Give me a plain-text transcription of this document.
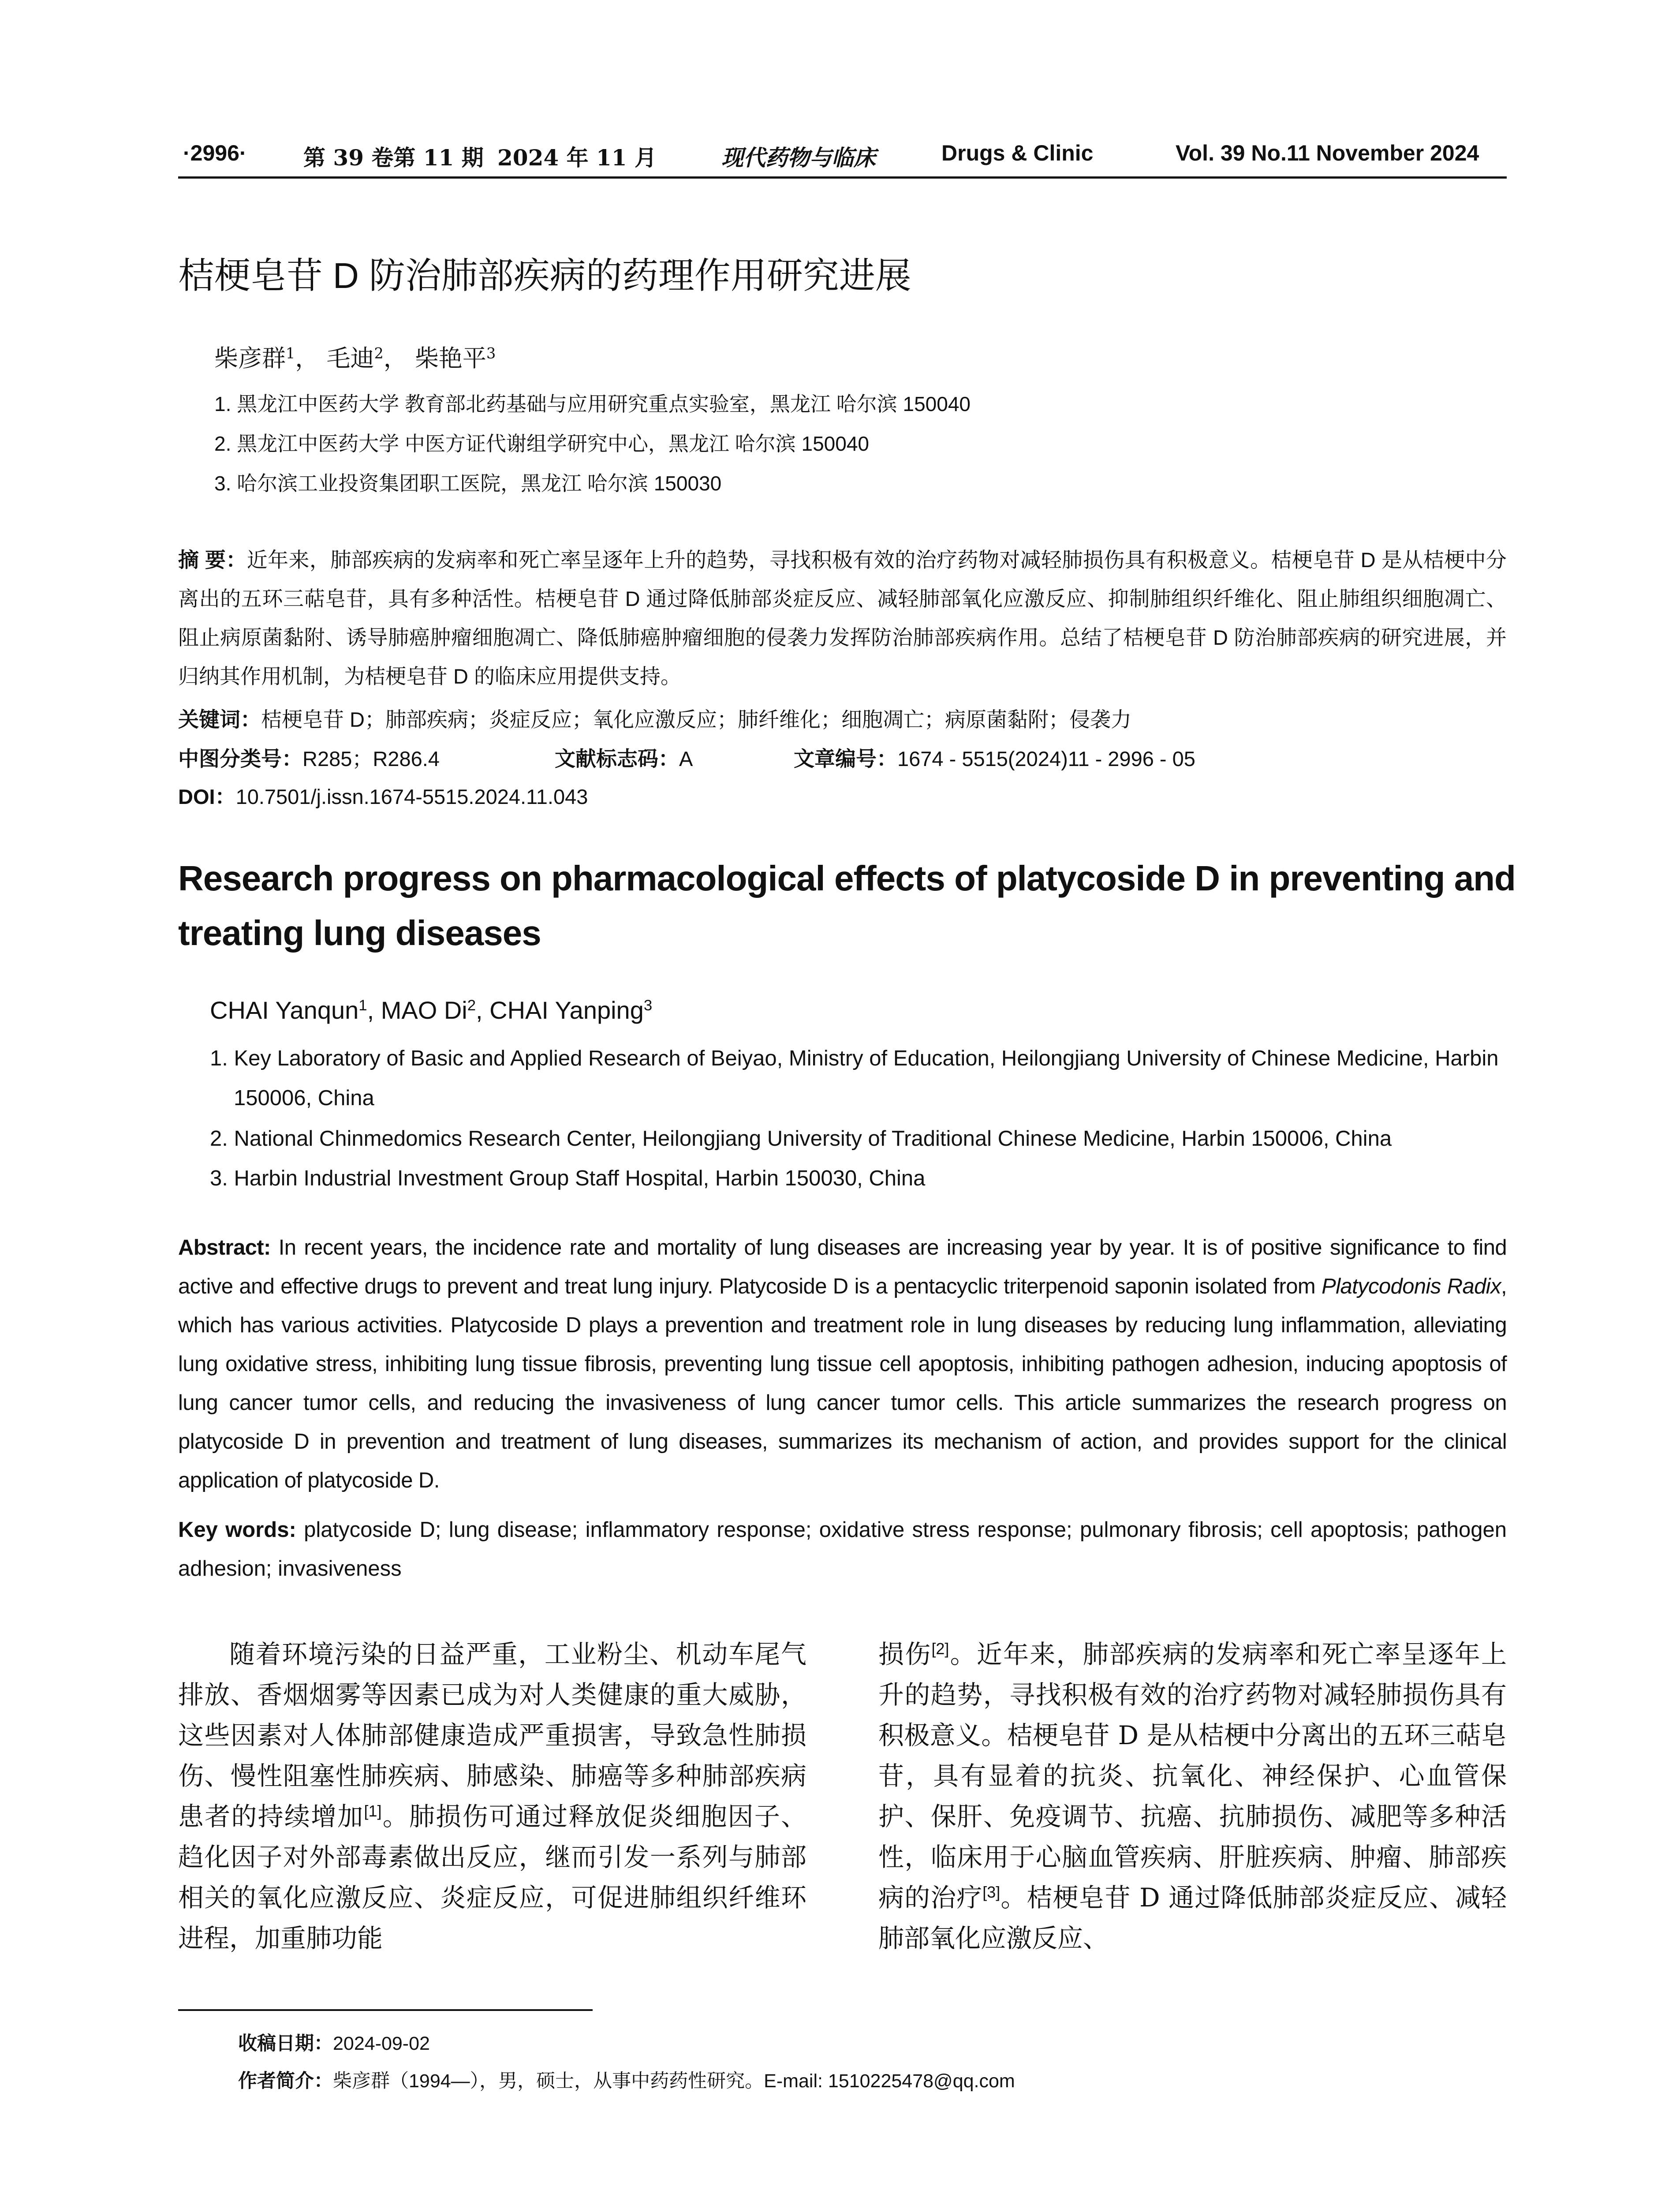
·2996·	第 39 卷第 11 期 2024 年 11 月	现代药物与临床	Drugs & Clinic	Vol. 39 No.11 November 2024
桔梗皂苷 D 防治肺部疾病的药理作用研究进展
柴彦群$^1$， 毛迪$^2$， 柴艳平$^3$
1. 黑龙江中医药大学 教育部北药基础与应用研究重点实验室，黑龙江 哈尔滨 150040
2. 黑龙江中医药大学 中医方证代谢组学研究中心，黑龙江 哈尔滨 150040
3. 哈尔滨工业投资集团职工医院，黑龙江 哈尔滨 150030
摘 要：近年来，肺部疾病的发病率和死亡率呈逐年上升的趋势，寻找积极有效的治疗药物对减轻肺损伤具有积极意义。桔梗皂苷 D 是从桔梗中分离出的五环三萜皂苷，具有多种活性。桔梗皂苷 D 通过降低肺部炎症反应、减轻肺部氧化应激反应、抑制肺组织纤维化、阻止肺组织细胞凋亡、阻止病原菌黏附、诱导肺癌肿瘤细胞凋亡、降低肺癌肿瘤细胞的侵袭力发挥防治肺部疾病作用。总结了桔梗皂苷 D 防治肺部疾病的研究进展，并归纳其作用机制，为桔梗皂苷 D 的临床应用提供支持。
关键词：桔梗皂苷 D；肺部疾病；炎症反应；氧化应激反应；肺纤维化；细胞凋亡；病原菌黏附；侵袭力
中图分类号：R285；R286.4	文献标志码：A	文章编号：1674 - 5515(2024)11 - 2996 - 05
DOI：10.7501/j.issn.1674-5515.2024.11.043
Research progress on pharmacological effects of platycoside D in preventing and treating lung diseases
CHAI Yanqun$^1$, MAO Di$^2$, CHAI Yanping$^3$
1. Key Laboratory of Basic and Applied Research of Beiyao, Ministry of Education, Heilongjiang University of Chinese Medicine, Harbin 150006, China
2. National Chinmedomics Research Center, Heilongjiang University of Traditional Chinese Medicine, Harbin 150006, China
3. Harbin Industrial Investment Group Staff Hospital, Harbin 150030, China
Abstract: In recent years, the incidence rate and mortality of lung diseases are increasing year by year. It is of positive significance to find active and effective drugs to prevent and treat lung injury. Platycoside D is a pentacyclic triterpenoid saponin isolated from Platycodonis Radix, which has various activities. Platycoside D plays a prevention and treatment role in lung diseases by reducing lung inflammation, alleviating lung oxidative stress, inhibiting lung tissue fibrosis, preventing lung tissue cell apoptosis, inhibiting pathogen adhesion, inducing apoptosis of lung cancer tumor cells, and reducing the invasiveness of lung cancer tumor cells. This article summarizes the research progress on platycoside D in prevention and treatment of lung diseases, summarizes its mechanism of action, and provides support for the clinical application of platycoside D.
Key words: platycoside D; lung disease; inflammatory response; oxidative stress response; pulmonary fibrosis; cell apoptosis; pathogen adhesion; invasiveness

随着环境污染的日益严重，工业粉尘、机动车尾气排放、香烟烟雾等因素已成为对人类健康的重大威胁，这些因素对人体肺部健康造成严重损害，导致急性肺损伤、慢性阻塞性肺疾病、肺感染、肺癌等多种肺部疾病患者的持续增加[1]。肺损伤可通过释放促炎细胞因子、趋化因子对外部毒素做出反应，继而引发一系列与肺部相关的氧化应激反应、炎症反应，可促进肺组织纤维环进程，加重肺功能

损伤[2]。近年来，肺部疾病的发病率和死亡率呈逐年上升的趋势，寻找积极有效的治疗药物对减轻肺损伤具有积极意义。桔梗皂苷 D 是从桔梗中分离出的五环三萜皂苷，具有显着的抗炎、抗氧化、神经保护、心血管保护、保肝、免疫调节、抗癌、抗肺损伤、减肥等多种活性，临床用于心脑血管疾病、肝脏疾病、肿瘤、肺部疾病的治疗[3]。桔梗皂苷 D 通过降低肺部炎症反应、减轻肺部氧化应激反应、

收稿日期：2024-09-02
作者简介：柴彦群（1994—），男，硕士，从事中药药性研究。E-mail: 1510225478@qq.com
